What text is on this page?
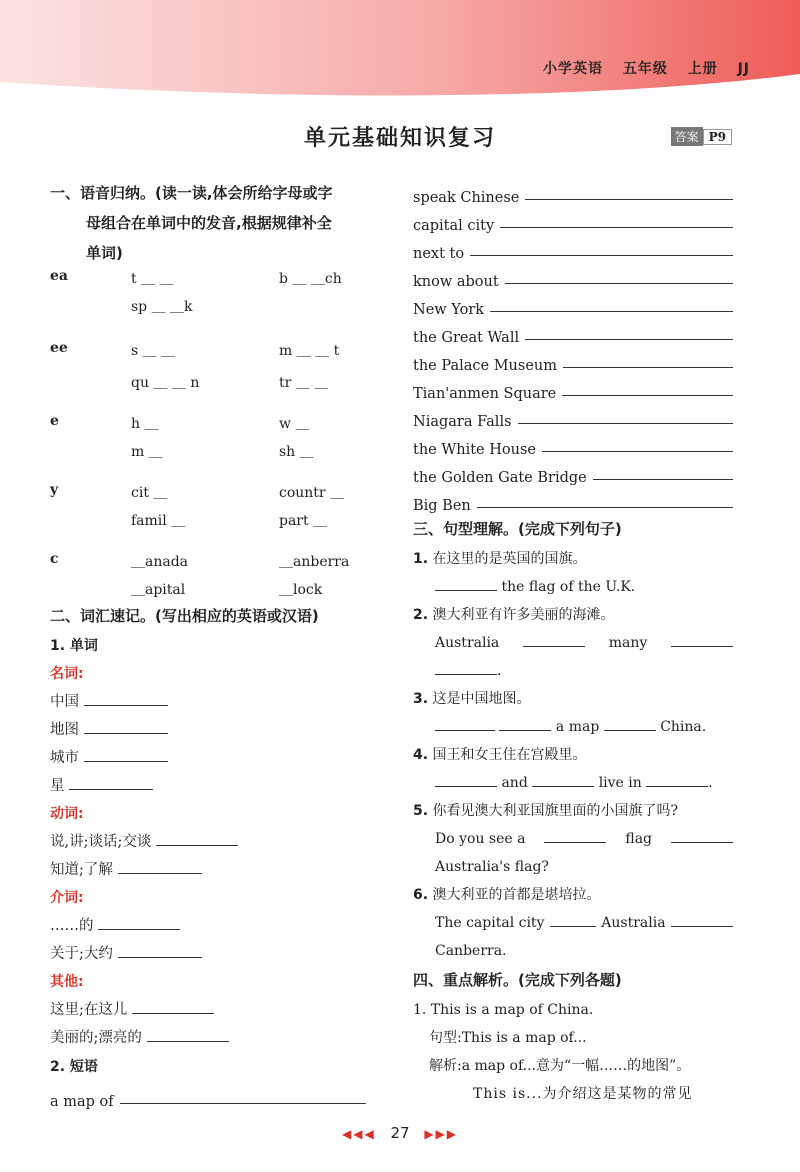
小学英语 五年级 上册 JJ
单元基础知识复习	答案 P9
一、语音归纳。(读一读,体会所给字母或字
母组合在单词中的发音,根据规律补全
单词)
ea	t ＿ ＿	b ＿ ＿ch
sp ＿ ＿k
ee	s ＿ ＿	m ＿ ＿ t
qu ＿ ＿ n	tr ＿ ＿
e	h ＿	w ＿
m ＿	sh ＿
y	cit ＿	countr ＿
famil ＿	part ＿
c	＿anada	＿anberra
＿apital	＿lock
二、词汇速记。(写出相应的英语或汉语)
1. 单词
名词:
中国
地图
城市
星
动词:
说,讲;谈话;交谈
知道;了解
介词:
……的
关于;大约
其他:
这里;在这儿
美丽的;漂亮的
2. 短语
a map of
speak Chinese
capital city
next to
know about
New York
the Great Wall
the Palace Museum
Tian'anmen Square
Niagara Falls
the White House
the Golden Gate Bridge
Big Ben
三、句型理解。(完成下列句子)
1. 在这里的是英国的国旗。
the flag of the U.K.
2. 澳大利亚有许多美丽的海滩。
Australia	many
.
3. 这是中国地图。
a map	China.
4. 国王和女王住在宫殿里。
and	live in	.
5. 你看见澳大利亚国旗里面的小国旗了吗?
Do you see a	flag
Australia's flag?
6. 澳大利亚的首都是堪培拉。
The capital city	Australia
Canberra.
四、重点解析。(完成下列各题)
1. This is a map of China.
句型:This is a map of...
解析:a map of...意为“一幅……的地图”。
This is...为介绍这是某物的常见
◀◀◀ 27 ▶▶▶
